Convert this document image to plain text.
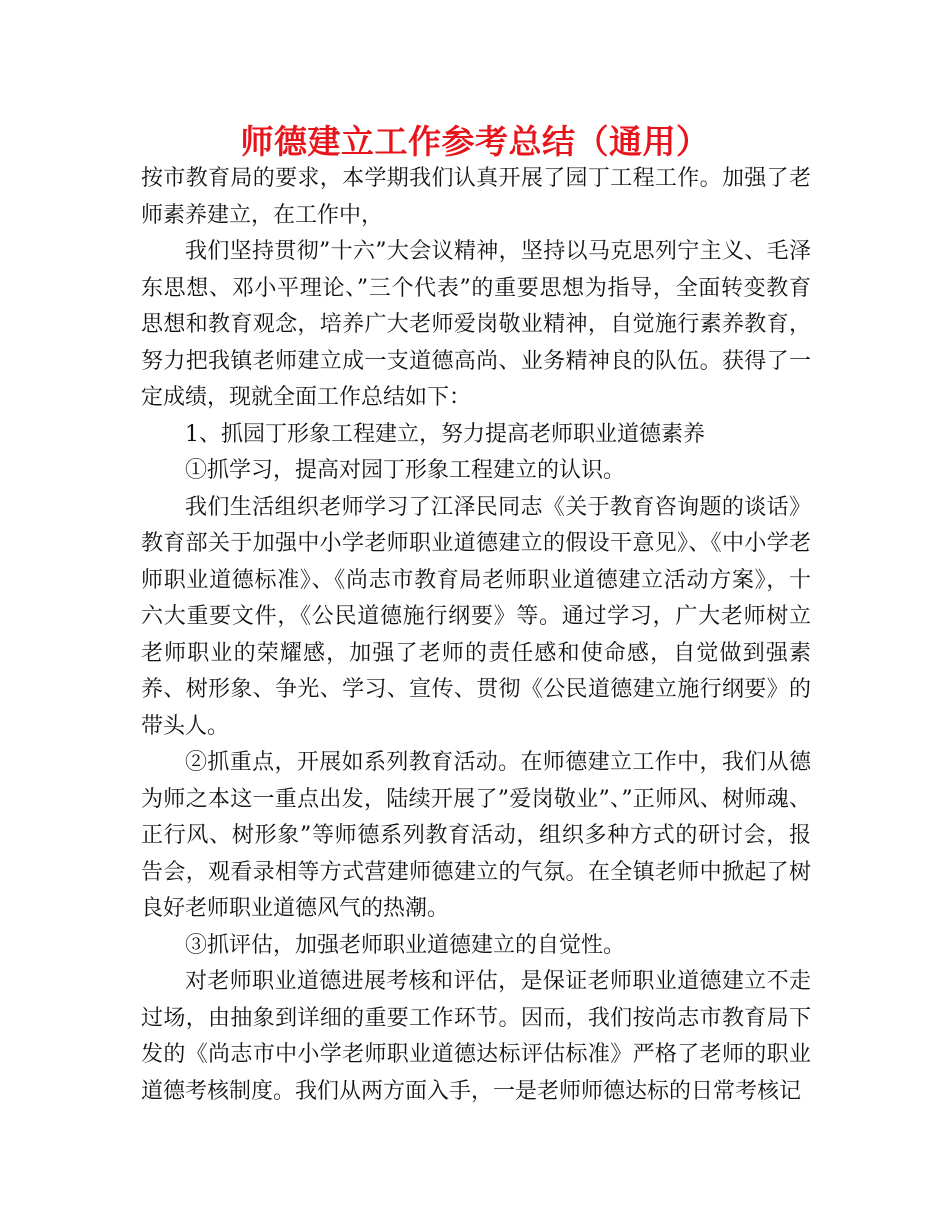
师德建立工作参考总结（通用）

按市教育局的要求，本学期我们认真开展了园丁工程工作。加强了老师素养建立，在工作中，

我们坚持贯彻”十六”大会议精神，坚持以马克思列宁主义、毛泽东思想、邓小平理论、”三个代表”的重要思想为指导，全面转变教育思想和教育观念，培养广大老师爱岗敬业精神，自觉施行素养教育，努力把我镇老师建立成一支道德高尚、业务精神良的队伍。获得了一定成绩，现就全面工作总结如下：

1、抓园丁形象工程建立，努力提高老师职业道德素养

①抓学习，提高对园丁形象工程建立的认识。

我们生活组织老师学习了江泽民同志《关于教育咨询题的谈话》教育部关于加强中小学老师职业道德建立的假设干意见》、《中小学老师职业道德标准》、《尚志市教育局老师职业道德建立活动方案》，十六大重要文件，《公民道德施行纲要》等。通过学习，广大老师树立老师职业的荣耀感，加强了老师的责任感和使命感，自觉做到强素养、树形象、争光、学习、宣传、贯彻《公民道德建立施行纲要》的带头人。

②抓重点，开展如系列教育活动。在师德建立工作中，我们从德为师之本这一重点出发，陆续开展了”爱岗敬业”、”正师风、树师魂、正行风、树形象”等师德系列教育活动，组织多种方式的研讨会，报告会，观看录相等方式营建师德建立的气氛。在全镇老师中掀起了树良好老师职业道德风气的热潮。

③抓评估，加强老师职业道德建立的自觉性。

对老师职业道德进展考核和评估，是保证老师职业道德建立不走过场，由抽象到详细的重要工作环节。因而，我们按尚志市教育局下发的《尚志市中小学老师职业道德达标评估标准》严格了老师的职业道德考核制度。我们从两方面入手，一是老师师德达标的日常考核记
